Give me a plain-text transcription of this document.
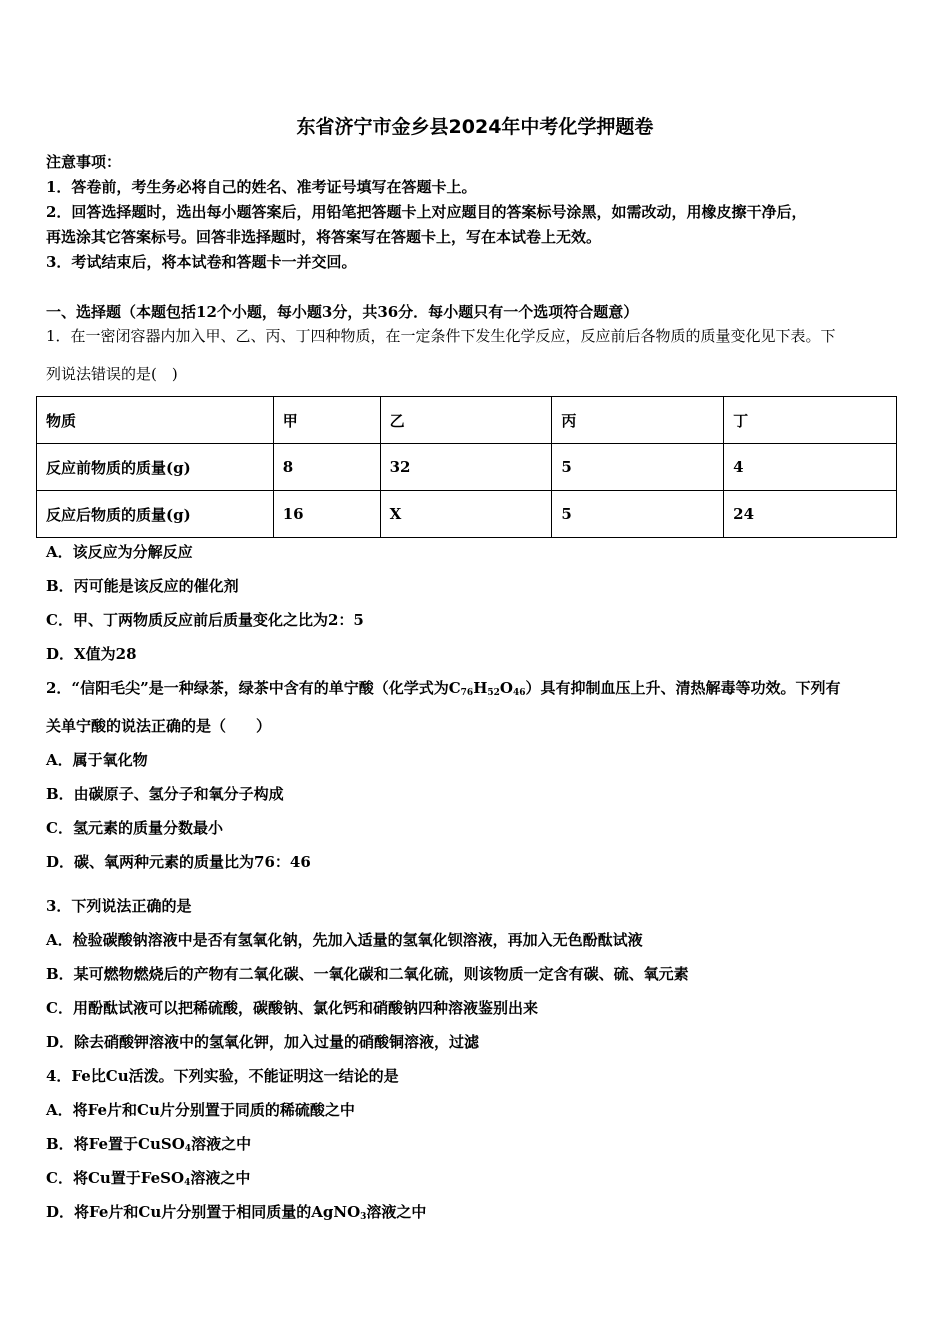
东省济宁市金乡县2024年中考化学押题卷
注意事项：
1．答卷前，考生务必将自己的姓名、准考证号填写在答题卡上。
2．回答选择题时，选出每小题答案后，用铅笔把答题卡上对应题目的答案标号涂黑，如需改动，用橡皮擦干净后，
再选涂其它答案标号。回答非选择题时，将答案写在答题卡上，写在本试卷上无效。
3．考试结束后，将本试卷和答题卡一并交回。
一、选择题（本题包括12个小题，每小题3分，共36分．每小题只有一个选项符合题意）
1．在一密闭容器内加入甲、乙、丙、丁四种物质，在一定条件下发生化学反应，反应前后各物质的质量变化见下表。下
列说法错误的是(　)
物质	甲	乙	丙	丁
反应前物质的质量(g)	8	32	5	4
反应后物质的质量(g)	16	X	5	24
A．该反应为分解反应
B．丙可能是该反应的催化剂
C．甲、丁两物质反应前后质量变化之比为2：5
D．X值为28
2．“信阳毛尖”是一种绿茶，绿茶中含有的单宁酸（化学式为$C_{76}H_{52}O_{46}$）具有抑制血压上升、清热解毒等功效。下列有
关单宁酸的说法正确的是（　　）
A．属于氧化物
B．由碳原子、氢分子和氧分子构成
C．氢元素的质量分数最小
D．碳、氧两种元素的质量比为76：46
3．下列说法正确的是
A．检验碳酸钠溶液中是否有氢氧化钠，先加入适量的氢氧化钡溶液，再加入无色酚酞试液
B．某可燃物燃烧后的产物有二氧化碳、一氧化碳和二氧化硫，则该物质一定含有碳、硫、氧元素
C．用酚酞试液可以把稀硫酸，碳酸钠、氯化钙和硝酸钠四种溶液鉴别出来
D．除去硝酸钾溶液中的氢氧化钾，加入过量的硝酸铜溶液，过滤
4．Fe比Cu活泼。下列实验，不能证明这一结论的是
A．将Fe片和Cu片分别置于同质的稀硫酸之中
B．将Fe置于CuSO$_4$溶液之中
C．将Cu置于FeSO$_4$溶液之中
D．将Fe片和Cu片分别置于相同质量的AgNO$_3$溶液之中
